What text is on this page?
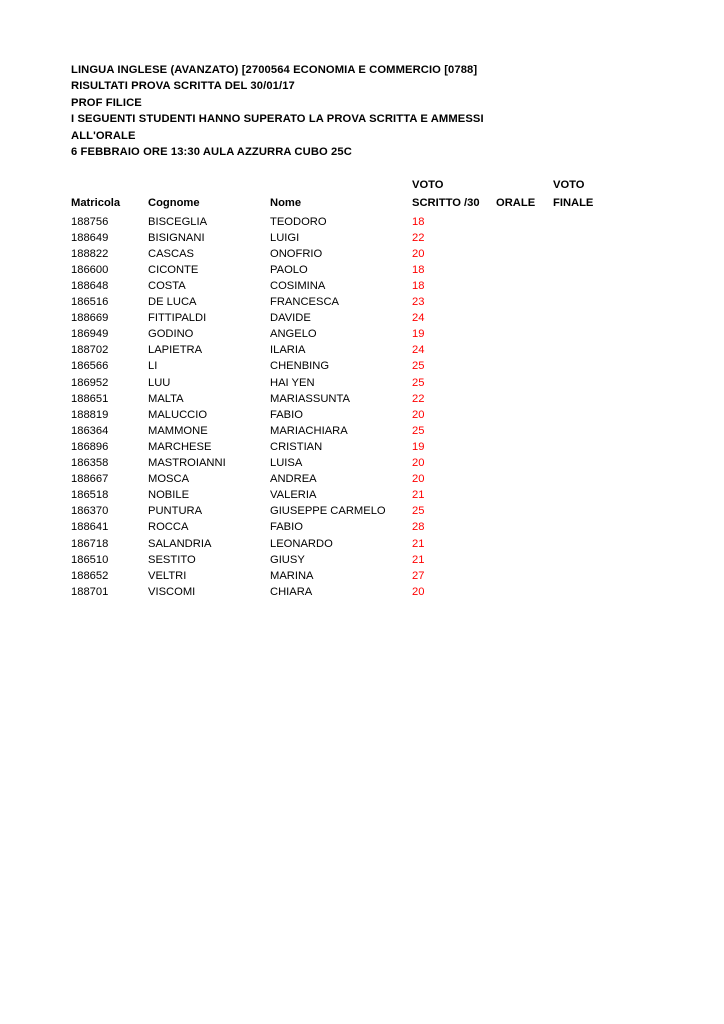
LINGUA INGLESE (AVANZATO) [2700564 ECONOMIA E COMMERCIO [0788]
RISULTATI PROVA SCRITTA DEL 30/01/17
PROF FILICE
I SEGUENTI STUDENTI HANNO SUPERATO LA PROVA SCRITTA E AMMESSI
ALL'ORALE
6 FEBBRAIO ORE 13:30 AULA AZZURRA CUBO 25C
			VOTO		VOTO
Matricola	Cognome	Nome	SCRITTO /30	ORALE	FINALE
188756	BISCEGLIA	TEODORO	18		
188649	BISIGNANI	LUIGI	22		
188822	CASCAS	ONOFRIO	20		
186600	CICONTE	PAOLO	18		
188648	COSTA	COSIMINA	18		
186516	DE LUCA	FRANCESCA	23		
188669	FITTIPALDI	DAVIDE	24		
186949	GODINO	ANGELO	19		
188702	LAPIETRA	ILARIA	24		
186566	LI	CHENBING	25		
186952	LUU	HAI YEN	25		
188651	MALTA	MARIASSUNTA	22		
188819	MALUCCIO	FABIO	20		
186364	MAMMONE	MARIACHIARA	25		
186896	MARCHESE	CRISTIAN	19		
186358	MASTROIANNI	LUISA	20		
188667	MOSCA	ANDREA	20		
186518	NOBILE	VALERIA	21		
186370	PUNTURA	GIUSEPPE CARMELO	25		
188641	ROCCA	FABIO	28		
186718	SALANDRIA	LEONARDO	21		
186510	SESTITO	GIUSY	21		
188652	VELTRI	MARINA	27		
188701	VISCOMI	CHIARA	20		
